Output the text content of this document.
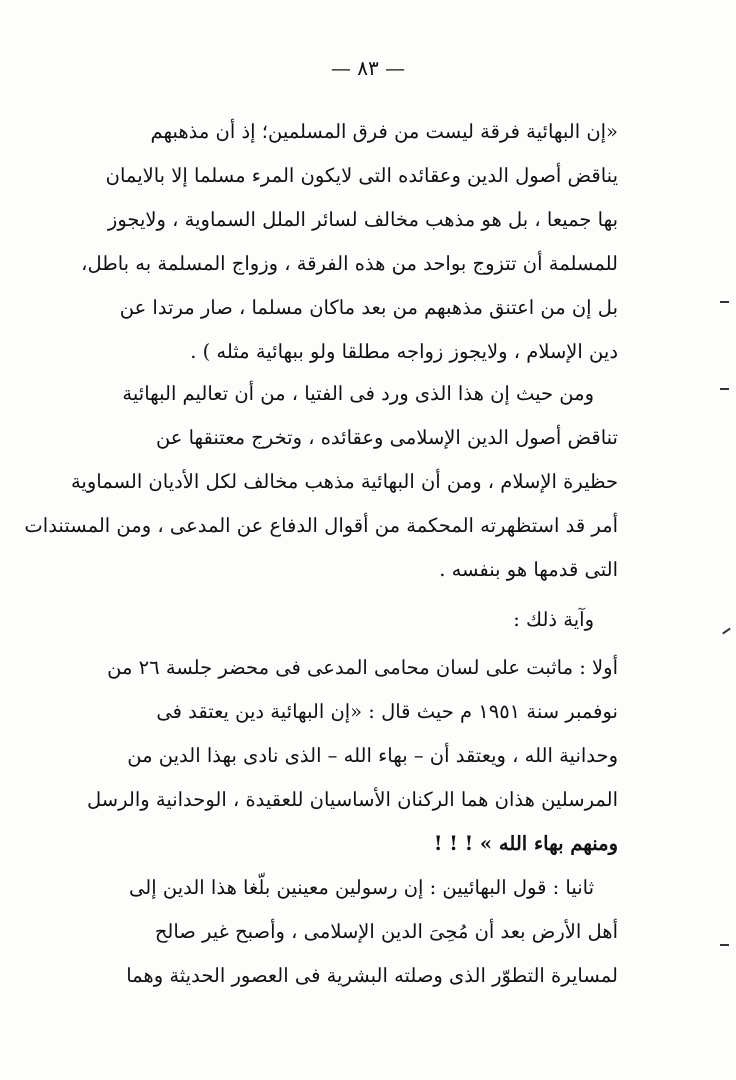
— ٨٣ —
«إن البهائية فرقة ليست من فرق المسلمين؛ إذ أن مذهبهم
يناقض أصول الدين وعقائده التى لايكون المرء مسلما إلا بالايمان
بها جميعا ، بل هو مذهب مخالف لسائر الملل السماوية ، ولايجوز
للمسلمة أن تتزوج بواحد من هذه الفرقة ، وزواج المسلمة به باطل،
بل إن من اعتنق مذهبهم من بعد ماكان مسلما ، صار مرتدا عن
دين الإسلام ، ولايجوز زواجه مطلقا ولو ببهائية مثله ) .
ومن حيث إن هذا الذى ورد فى الفتيا ، من أن تعاليم البهائية
تناقض أصول الدين الإسلامى وعقائده ، وتخرج معتنقها عن
حظيرة الإسلام ، ومن أن البهائية مذهب مخالف لكل الأديان السماوية
أمر قد استظهرته المحكمة من أقوال الدفاع عن المدعى ، ومن المستندات
التى قدمها هو بنفسه .
وآية ذلك :
أولا : ماثبت على لسان محامى المدعى فى محضر جلسة ٢٦ من
نوفمبر سنة ١٩٥١ م حيث قال : «إن البهائية دين يعتقد فى
وحدانية الله ، ويعتقد أن – بهاء الله – الذى نادى بهذا الدين من
المرسلين هذان هما الركنان الأساسيان للعقيدة ، الوحدانية والرسل
ومنهم بهاء الله » ! ! !
ثانيا : قول البهائيين : إن رسولين معينين بلّغا هذا الدين إلى
أهل الأرض بعد أن مُحِىَ الدين الإسلامى ، وأصبح غير صالح
لمسايرة التطوّر الذى وصلته البشرية فى العصور الحديثة وهما
